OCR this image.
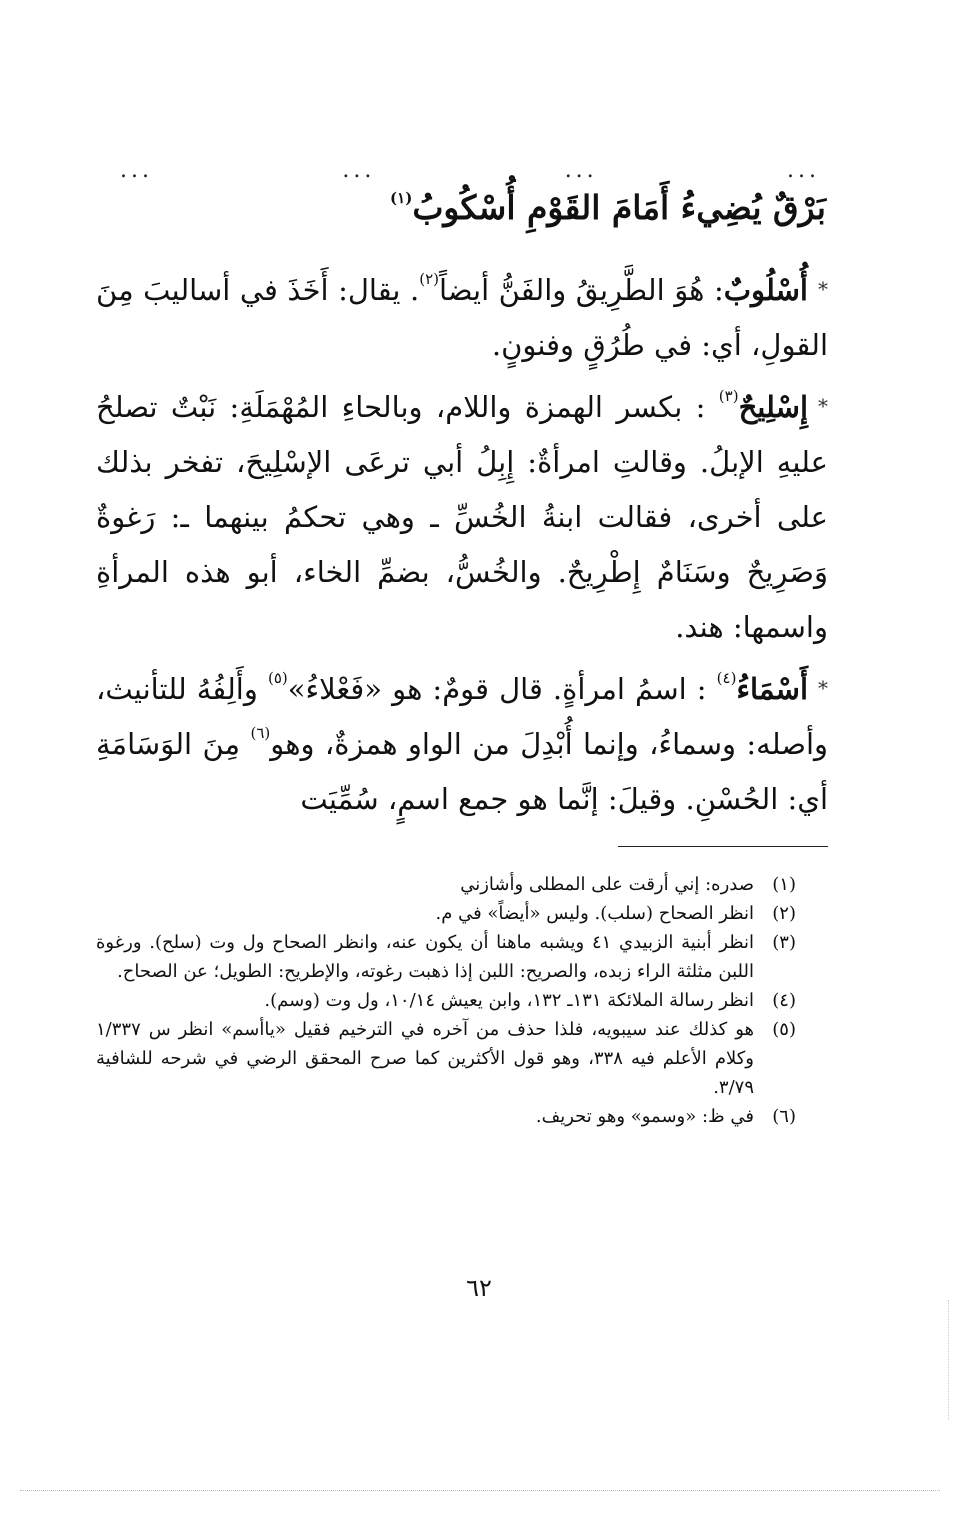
...
...
...
...
بَرْقٌ يُضِيءُ أَمَامَ القَوْمِ أُسْكُوبُ$^{(١)}$

*أُسْلُوبٌ: هُوَ الطَّرِيقُ والفَنُّ أيضاً$^{(٢)}$. يقال: أَخَذَ في أساليبَ مِنَ القولِ، أي: في طُرُقٍ وفنونٍ.

*إِسْلِيحٌ$^{(٣)}$ : بكسر الهمزة واللام، وبالحاءِ المُهْمَلَةِ: نَبْتٌ تصلحُ عليهِ الإبلُ. وقالتِ امرأةٌ: إِبِلُ أبي ترعَى الإسْلِيحَ، تفخر بذلك على أخرى، فقالت ابنةُ الخُسِّ ـ وهي تحكمُ بينهما ـ: رَغوةٌ وَصَرِيحٌ وسَنَامٌ إِطْرِيحٌ. والخُسُّ، بضمِّ الخاء، أبو هذه المرأةِ واسمها: هند.

*أَسْمَاءُ$^{(٤)}$ : اسمُ امرأةٍ. قال قومٌ: هو «فَعْلاءُ»$^{(٥)}$ وأَلِفُهُ للتأنيث، وأصله: وسماءُ، وإنما أُبْدِلَ من الواو همزةٌ، وهو$^{(٦)}$ مِنَ الوَسَامَةِ أي: الحُسْنِ. وقيلَ: إنَّما هو جمع اسمٍ، سُمِّيَت

(١)
صدره: إني أرقت على المطلى وأشازني
(٢)
انظر الصحاح (سلب). وليس «أيضاً» في م.
(٣)
انظر أبنية الزبيدي ٤١ ويشبه ماهنا أن يكون عنه، وانظر الصحاح ول وت (سلح). ورغوة اللبن مثلثة الراء زبده، والصريح: اللبن إذا ذهبت رغوته، والإطريح: الطويل؛ عن الصحاح.
(٤)
انظر رسالة الملائكة ١٣١ـ ١٣٢، وابن يعيش ١٠/١٤، ول وت (وسم).
(٥)
هو كذلك عند سيبويه، فلذا حذف من آخره في الترخيم فقيل «ياأسم» انظر س ١/٣٣٧ وكلام الأعلم فيه ٣٣٨، وهو قول الأكثرين كما صرح المحقق الرضي في شرحه للشافية ٣/٧٩.
(٦)
في ظ: «وسمو» وهو تحريف.
٦٢
